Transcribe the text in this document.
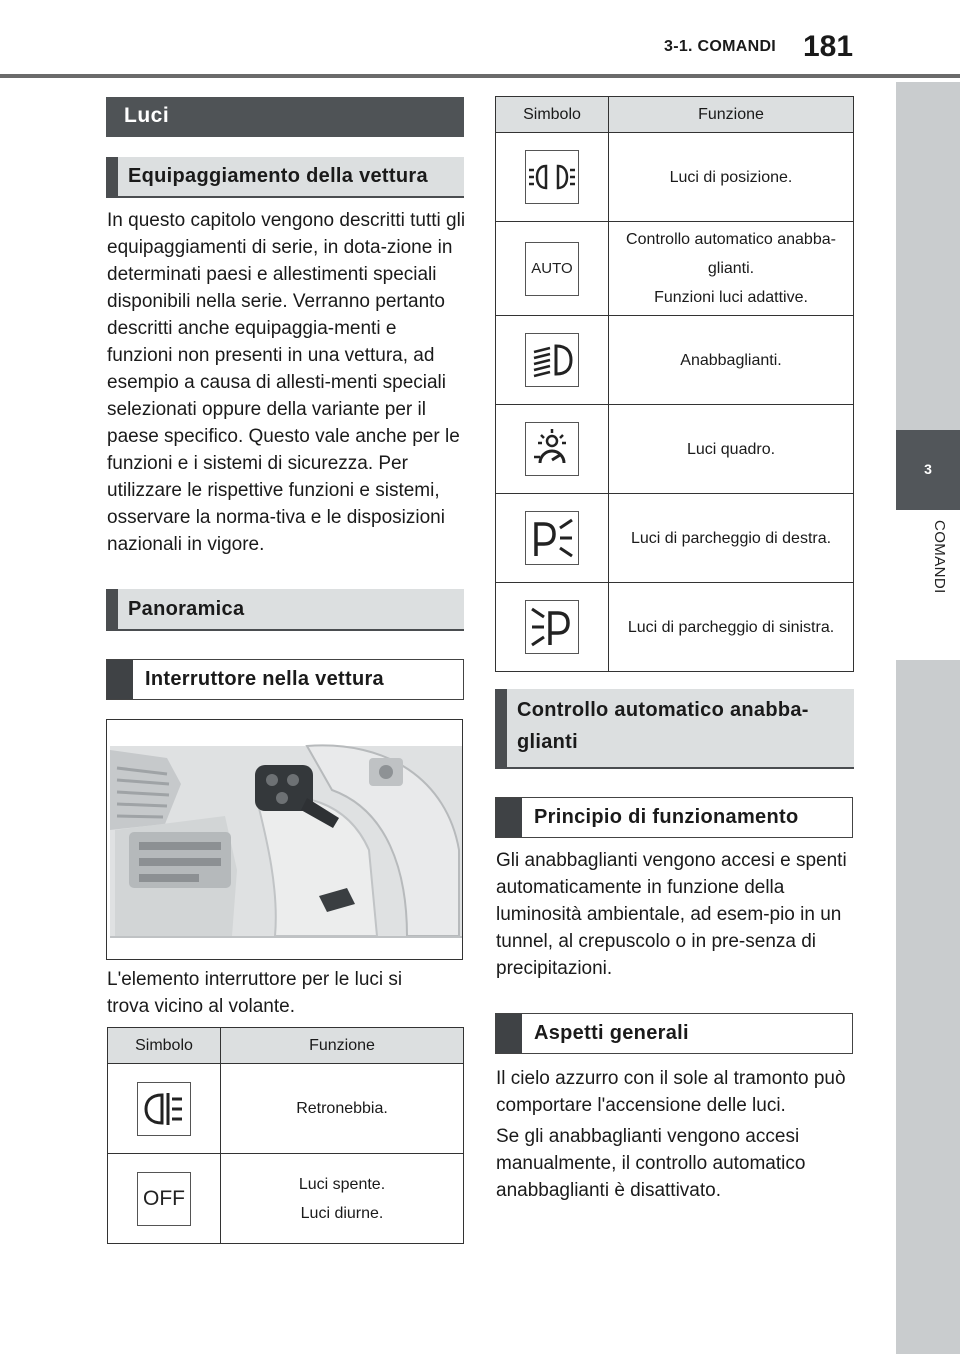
3-1. COMANDI 181
3
COMANDI
Luci
Equipaggiamento della vettura
In questo capitolo vengono descritti tutti gli equipaggiamenti di serie, in dota-zione in determinati paesi e allestimenti speciali disponibili nella serie. Verranno pertanto descritti anche equipaggia-menti e funzioni non presenti in una vettura, ad esempio a causa di allesti-menti speciali selezionati oppure della variante per il paese specifico. Questo vale anche per le funzioni e i sistemi di sicurezza. Per utilizzare le rispettive funzioni e sistemi, osservare la norma-tiva e le disposizioni nazionali in vigore.
Panoramica
Interruttore nella vettura
L'elemento interruttore per le luci si trova vicino al volante.
Simbolo	Funzione

Retronebbia.

OFF	Luci spente.
Luci diurne.
Simbolo	Funzione

Luci di posizione.

AUTO	Controllo automatico anabba-
glianti.
Funzioni luci adattive.

Anabbaglianti.

Luci quadro.

Luci di parcheggio di destra.

Luci di parcheggio di sinistra.
Controllo automatico anabba-
glianti
Principio di funzionamento
Gli anabbaglianti vengono accesi e spenti automaticamente in funzione della luminosità ambientale, ad esem-pio in un tunnel, al crepuscolo o in pre-senza di precipitazioni.
Aspetti generali
Il cielo azzurro con il sole al tramonto può comportare l'accensione delle luci.
Se gli anabbaglianti vengono accesi manualmente, il controllo automatico anabbaglianti è disattivato.
